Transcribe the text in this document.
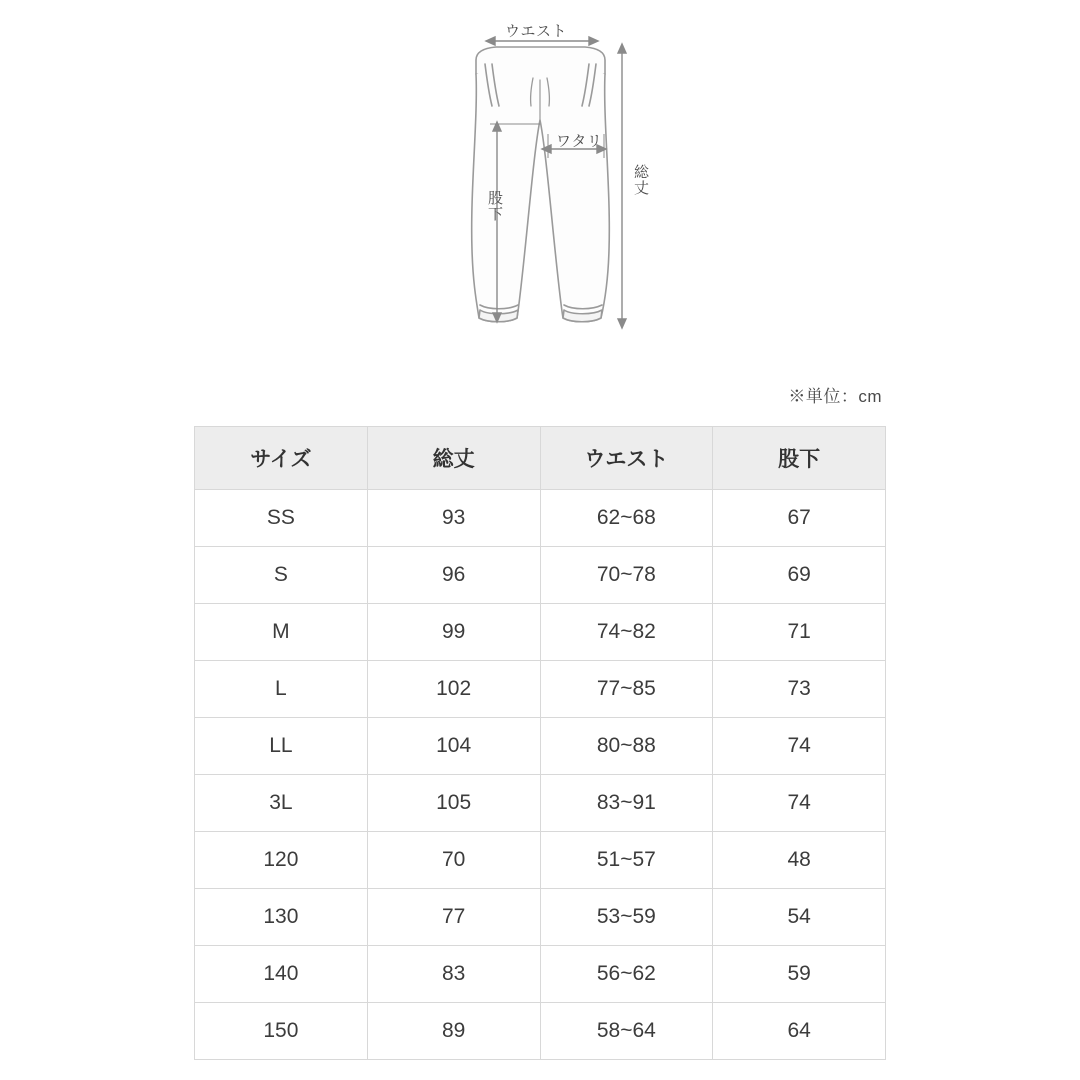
ウエスト
ワタリ
総丈
股下
※単位：cm
サイズ	総丈	ウエスト	股下
SS	93	62~68	67
S	96	70~78	69
M	99	74~82	71
L	102	77~85	73
LL	104	80~88	74
3L	105	83~91	74
120	70	51~57	48
130	77	53~59	54
140	83	56~62	59
150	89	58~64	64
